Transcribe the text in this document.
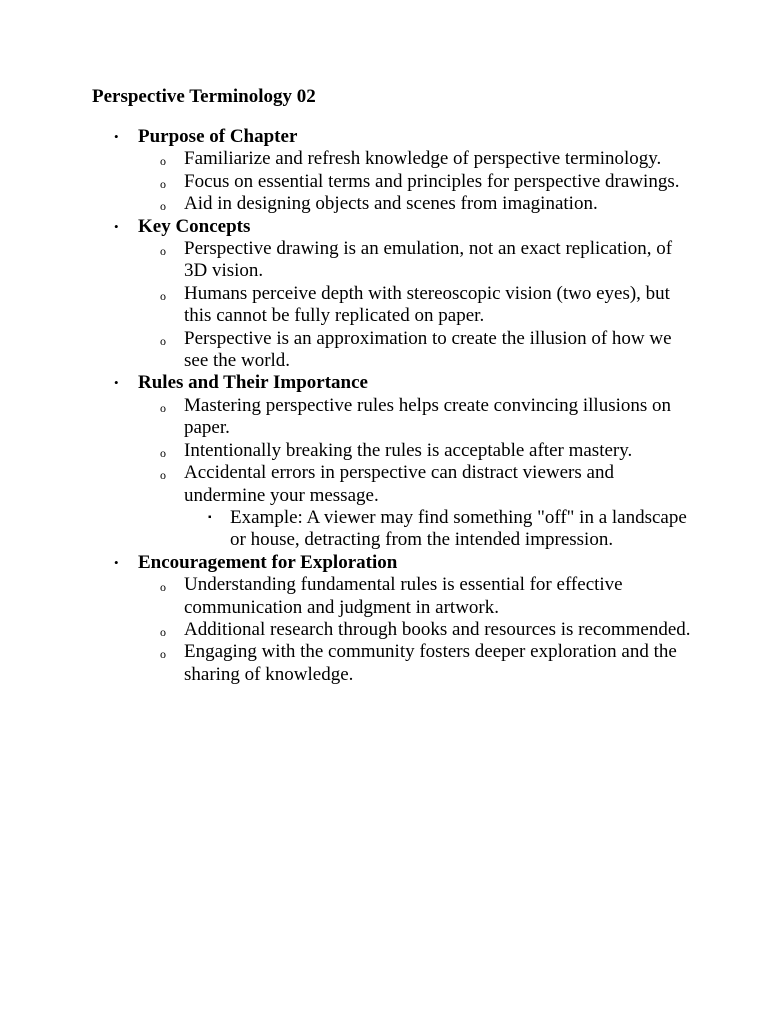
Perspective Terminology 02
• Purpose of Chapter
o Familiarize and refresh knowledge of perspective terminology.
o Focus on essential terms and principles for perspective drawings.
o Aid in designing objects and scenes from imagination.
• Key Concepts
o Perspective drawing is an emulation, not an exact replication, of 3D vision.
o Humans perceive depth with stereoscopic vision (two eyes), but this cannot be fully replicated on paper.
o Perspective is an approximation to create the illusion of how we see the world.
• Rules and Their Importance
o Mastering perspective rules helps create convincing illusions on paper.
o Intentionally breaking the rules is acceptable after mastery.
o Accidental errors in perspective can distract viewers and undermine your message.
▪ Example: A viewer may find something "off" in a landscape or house, detracting from the intended impression.
• Encouragement for Exploration
o Understanding fundamental rules is essential for effective communication and judgment in artwork.
o Additional research through books and resources is recommended.
o Engaging with the community fosters deeper exploration and the sharing of knowledge.
